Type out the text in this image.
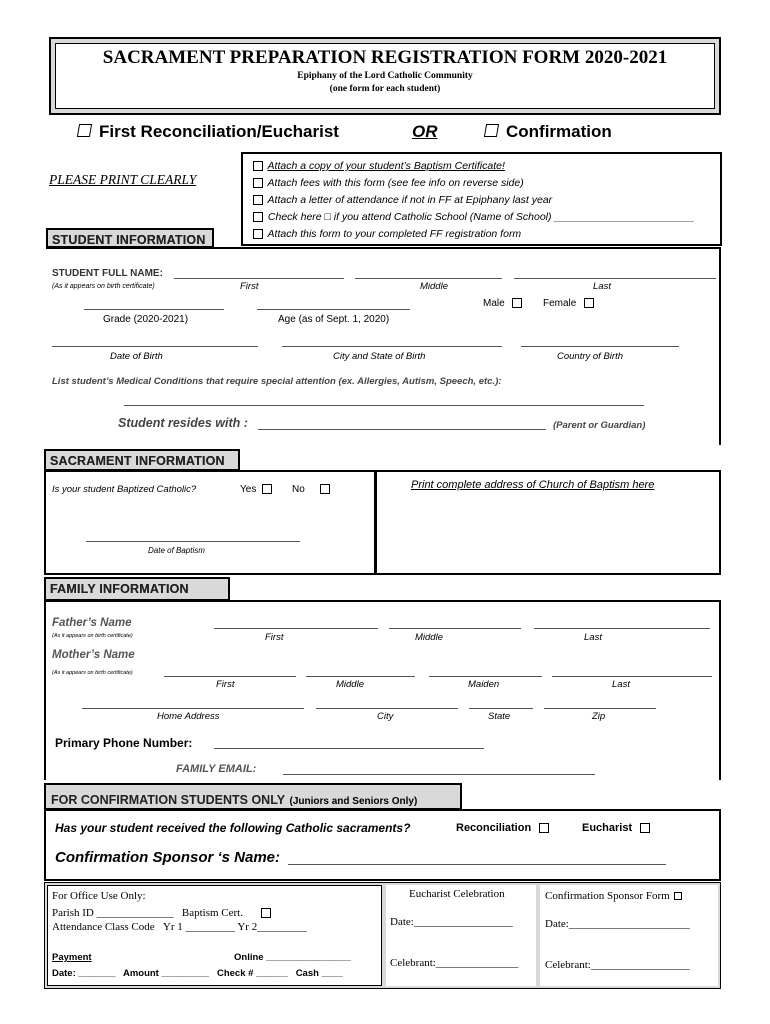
SACRAMENT PREPARATION REGISTRATION FORM 2020-2021
Epiphany of the Lord Catholic Community
(one form for each student)
First Reconciliation/Eucharist	OR	Confirmation
PLEASE PRINT CLEARLY
Attach a copy of your student’s Baptism Certificate!
Attach fees with this form (see fee info on reverse side)
Attach a letter of attendance if not in FF at Epiphany last year
Check here □ if you attend Catholic School (Name of School) ________________________
Attach this form to your completed FF registration form
STUDENT INFORMATION
STUDENT FULL NAME:
(As it appears on birth certificate)	First	Middle	Last
Grade (2020-2021)	Age (as of Sept. 1, 2020)
Male	Female
Date of Birth	City and State of Birth	Country of Birth
List student’s Medical Conditions that require special attention (ex. Allergies, Autism, Speech, etc.):
Student resides with :	(Parent or Guardian)
SACRAMENT INFORMATION
Is your student Baptized Catholic?	Yes	No
Date of Baptism
Print complete address of Church of Baptism here
FAMILY INFORMATION
Father’s Name
(As it appears on birth certificate)	First	Middle	Last
Mother’s Name
(As it appears on birth certificate)
First	Middle	Maiden	Last
Home Address	City	State	Zip
Primary Phone Number:
FAMILY EMAIL:
FOR CONFIRMATION STUDENTS ONLY (Juniors and Seniors Only)
Has your student received the following Catholic sacraments?	Reconciliation	Eucharist
Confirmation Sponsor ‘s Name:
For Office Use Only:
Parish ID ______________ Baptism Cert.
Attendance Class Code Yr 1 _________ Yr 2_________
Payment	Online ________________
Date: _______ Amount _________ Check # ______ Cash ____
Eucharist Celebration
Date:__________________
Celebrant:_______________
Confirmation Sponsor Form
Date:______________________
Celebrant:__________________
